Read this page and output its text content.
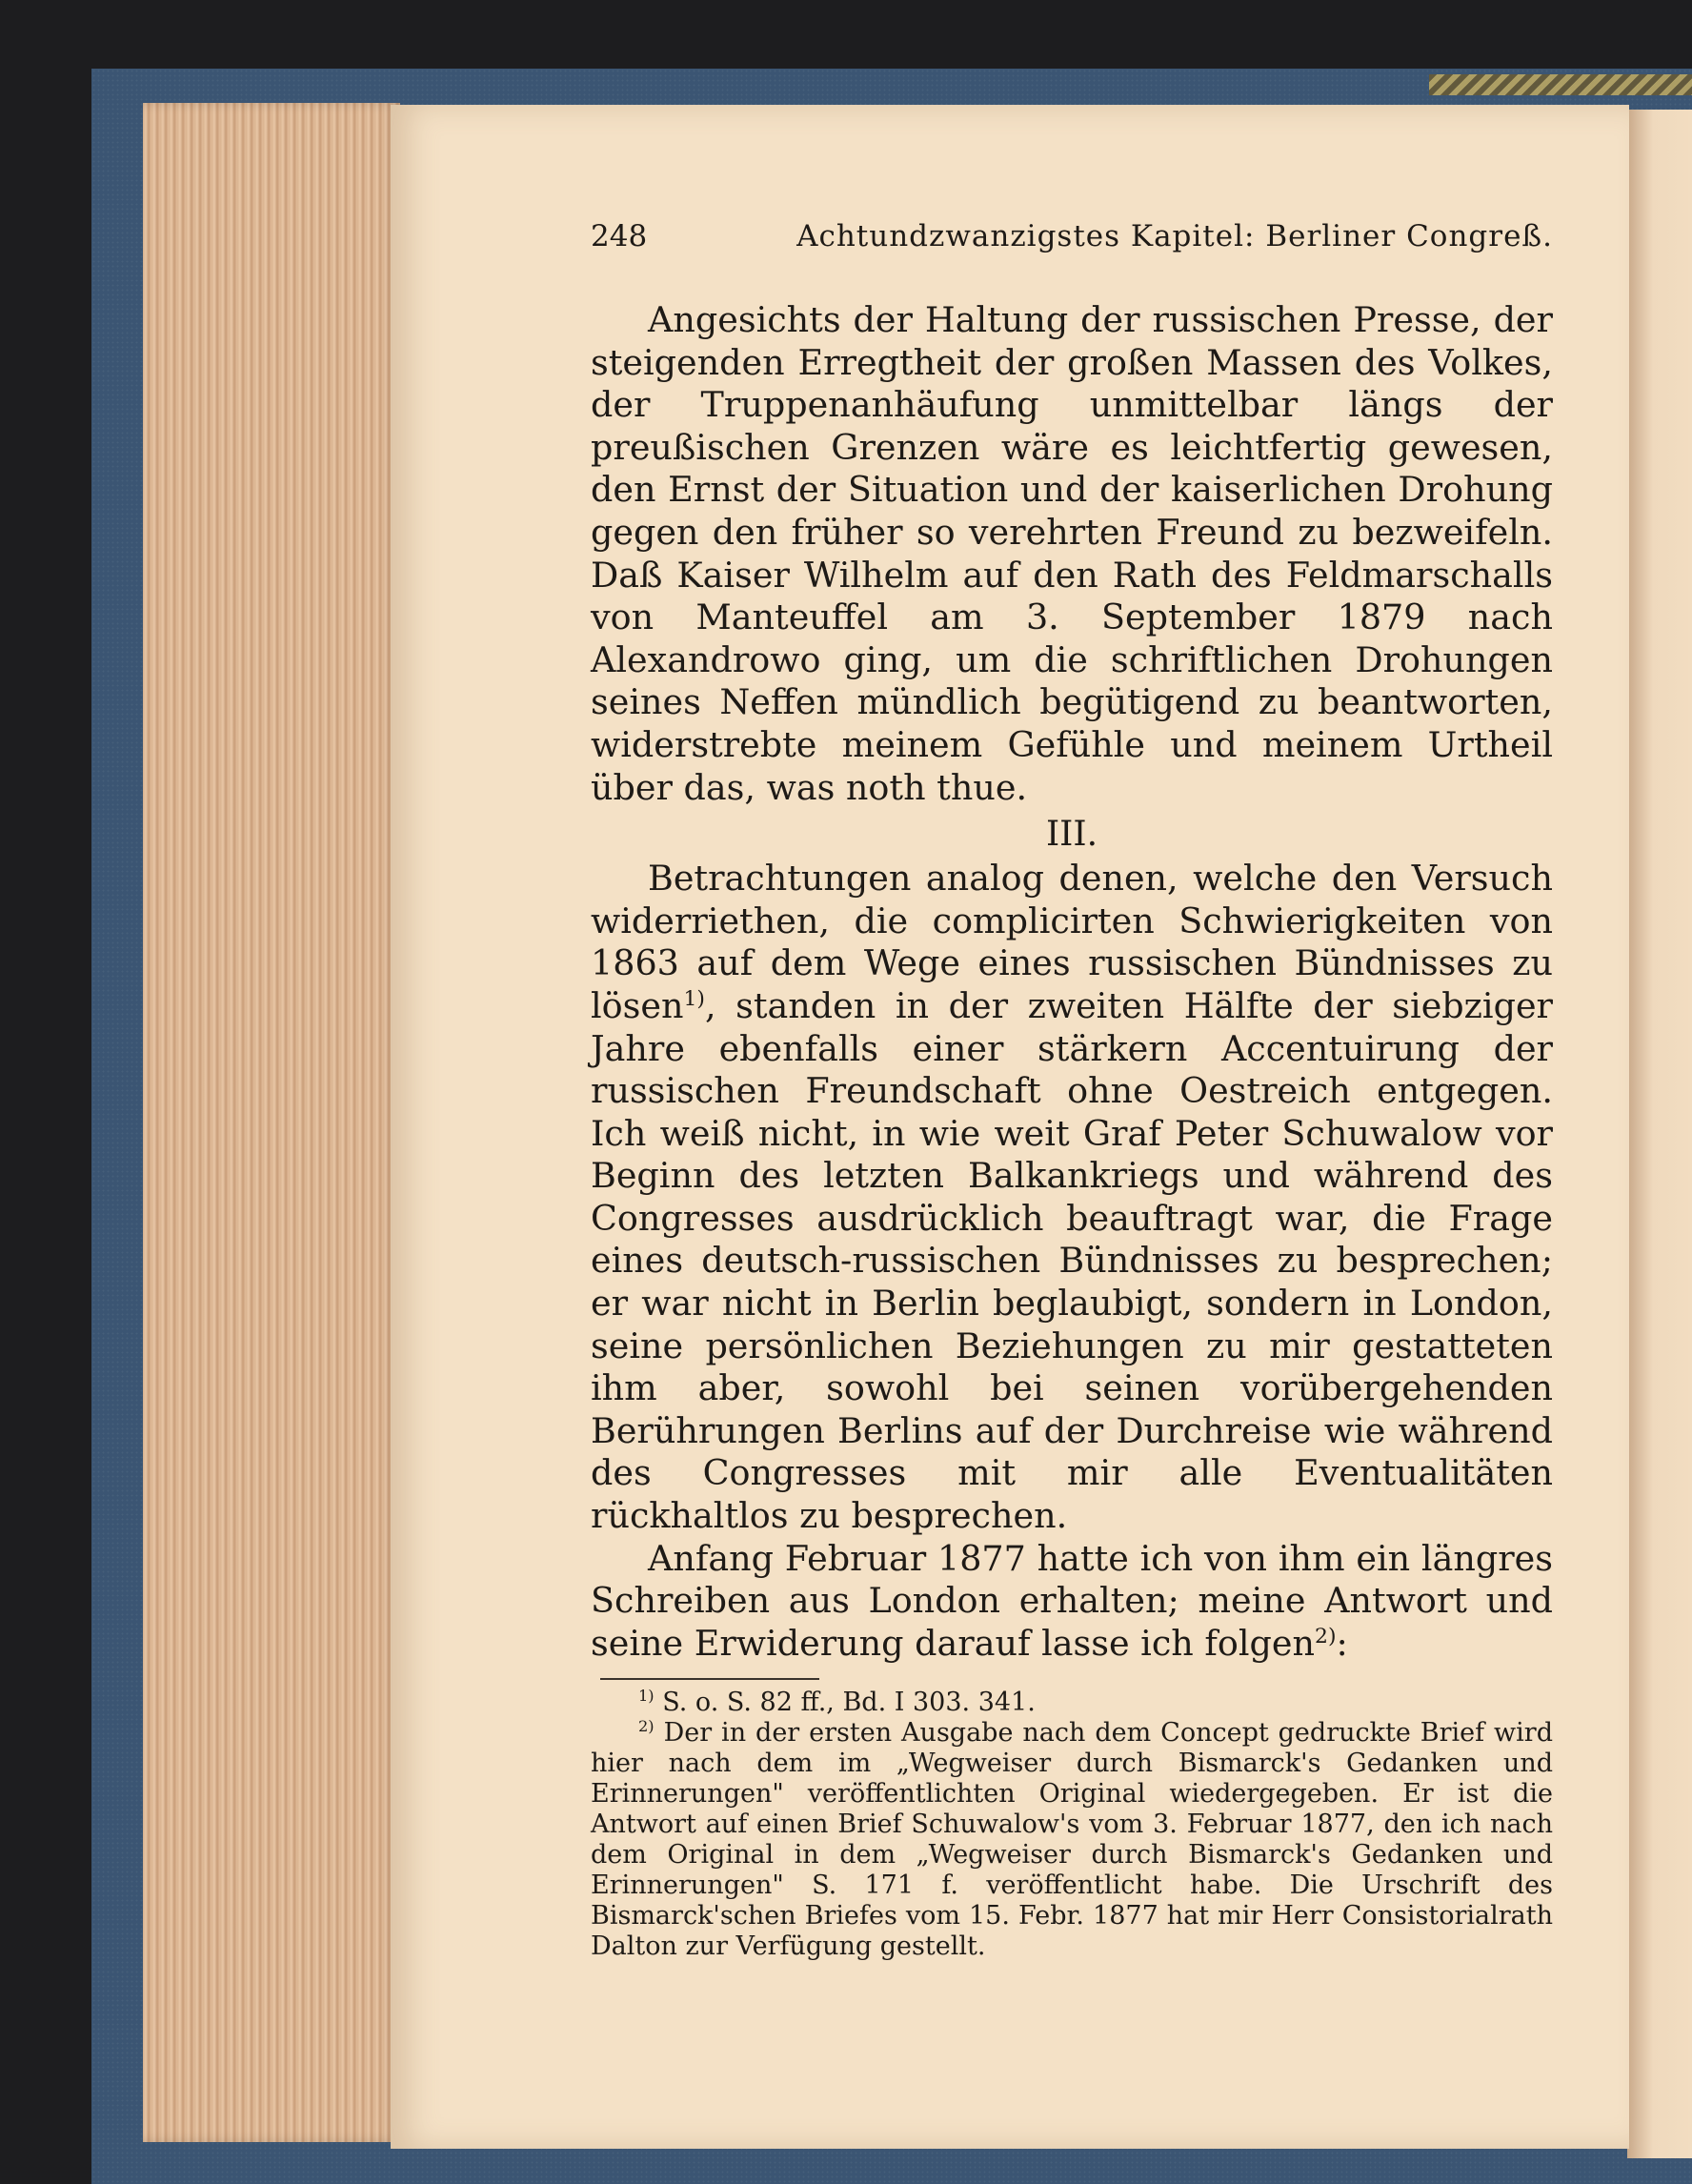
248	Achtundzwanzigstes Kapitel: Berliner Congreß.

Angesichts der Haltung der russischen Presse, der steigenden Erregtheit der großen Massen des Volkes, der Truppenanhäufung unmittelbar längs der preußischen Grenzen wäre es leichtfertig gewesen, den Ernst der Situation und der kaiserlichen Drohung gegen den früher so verehrten Freund zu bezweifeln. Daß Kaiser Wilhelm auf den Rath des Feldmarschalls von Manteuffel am 3. September 1879 nach Alexandrowo ging, um die schriftlichen Drohungen seines Neffen mündlich begütigend zu beantworten, widerstrebte meinem Gefühle und meinem Urtheil über das, was noth thue.

III.

Betrachtungen analog denen, welche den Versuch widerriethen, die complicirten Schwierigkeiten von 1863 auf dem Wege eines russischen Bündnisses zu lösen$^{1)}$, standen in der zweiten Hälfte der siebziger Jahre ebenfalls einer stärkern Accentuirung der russischen Freundschaft ohne Oestreich entgegen. Ich weiß nicht, in wie weit Graf Peter Schuwalow vor Beginn des letzten Balkankriegs und während des Congresses ausdrücklich beauftragt war, die Frage eines deutsch-russischen Bündnisses zu besprechen; er war nicht in Berlin beglaubigt, sondern in London, seine persönlichen Beziehungen zu mir gestatteten ihm aber, sowohl bei seinen vorübergehenden Berührungen Berlins auf der Durchreise wie während des Congresses mit mir alle Eventualitäten rückhaltlos zu besprechen.

Anfang Februar 1877 hatte ich von ihm ein längres Schreiben aus London erhalten; meine Antwort und seine Erwiderung darauf lasse ich folgen$^{2)}$:

$^{1)}$ S. o. S. 82 ff., Bd. I 303. 341.

$^{2)}$ Der in der ersten Ausgabe nach dem Concept gedruckte Brief wird hier nach dem im „Wegweiser durch Bismarck's Gedanken und Erinnerungen" veröffentlichten Original wiedergegeben. Er ist die Antwort auf einen Brief Schuwalow's vom 3. Februar 1877, den ich nach dem Original in dem „Wegweiser durch Bismarck's Gedanken und Erinnerungen" S. 171 f. veröffentlicht habe. Die Urschrift des Bismarck'schen Briefes vom 15. Febr. 1877 hat mir Herr Consistorialrath Dalton zur Verfügung gestellt.
